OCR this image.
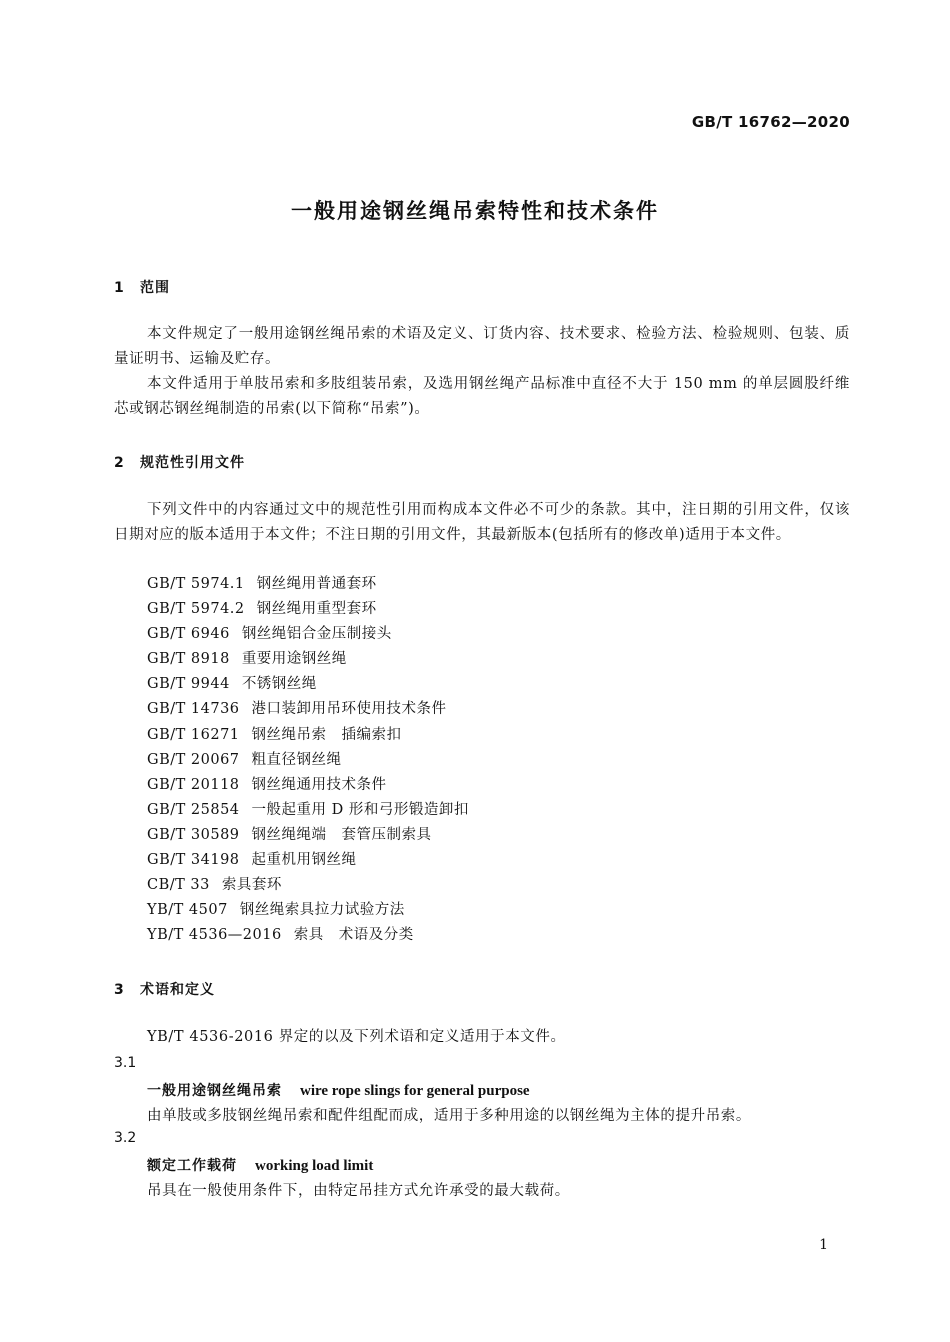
GB/T 16762—2020
一般用途钢丝绳吊索特性和技术条件
1 范围
本文件规定了一般用途钢丝绳吊索的术语及定义、订货内容、技术要求、检验方法、检验规则、包装、质量证明书、运输及贮存。
本文件适用于单肢吊索和多肢组装吊索，及选用钢丝绳产品标准中直径不大于 150 mm 的单层圆股纤维芯或钢芯钢丝绳制造的吊索(以下简称“吊索”)。
2 规范性引用文件
下列文件中的内容通过文中的规范性引用而构成本文件必不可少的条款。其中，注日期的引用文件，仅该日期对应的版本适用于本文件；不注日期的引用文件，其最新版本(包括所有的修改单)适用于本文件。
GB/T 5974.1 钢丝绳用普通套环
GB/T 5974.2 钢丝绳用重型套环
GB/T 6946 钢丝绳铝合金压制接头
GB/T 8918 重要用途钢丝绳
GB/T 9944 不锈钢丝绳
GB/T 14736 港口装卸用吊环使用技术条件
GB/T 16271 钢丝绳吊索　插编索扣
GB/T 20067 粗直径钢丝绳
GB/T 20118 钢丝绳通用技术条件
GB/T 25854 一般起重用 D 形和弓形锻造卸扣
GB/T 30589 钢丝绳绳端　套管压制索具
GB/T 34198 起重机用钢丝绳
CB/T 33 索具套环
YB/T 4507 钢丝绳索具拉力试验方法
YB/T 4536—2016 索具　术语及分类
3 术语和定义
YB/T 4536-2016 界定的以及下列术语和定义适用于本文件。
3.1
一般用途钢丝绳吊索 wire rope slings for general purpose
由单肢或多肢钢丝绳吊索和配件组配而成，适用于多种用途的以钢丝绳为主体的提升吊索。
3.2
额定工作载荷 working load limit
吊具在一般使用条件下，由特定吊挂方式允许承受的最大载荷。
1
